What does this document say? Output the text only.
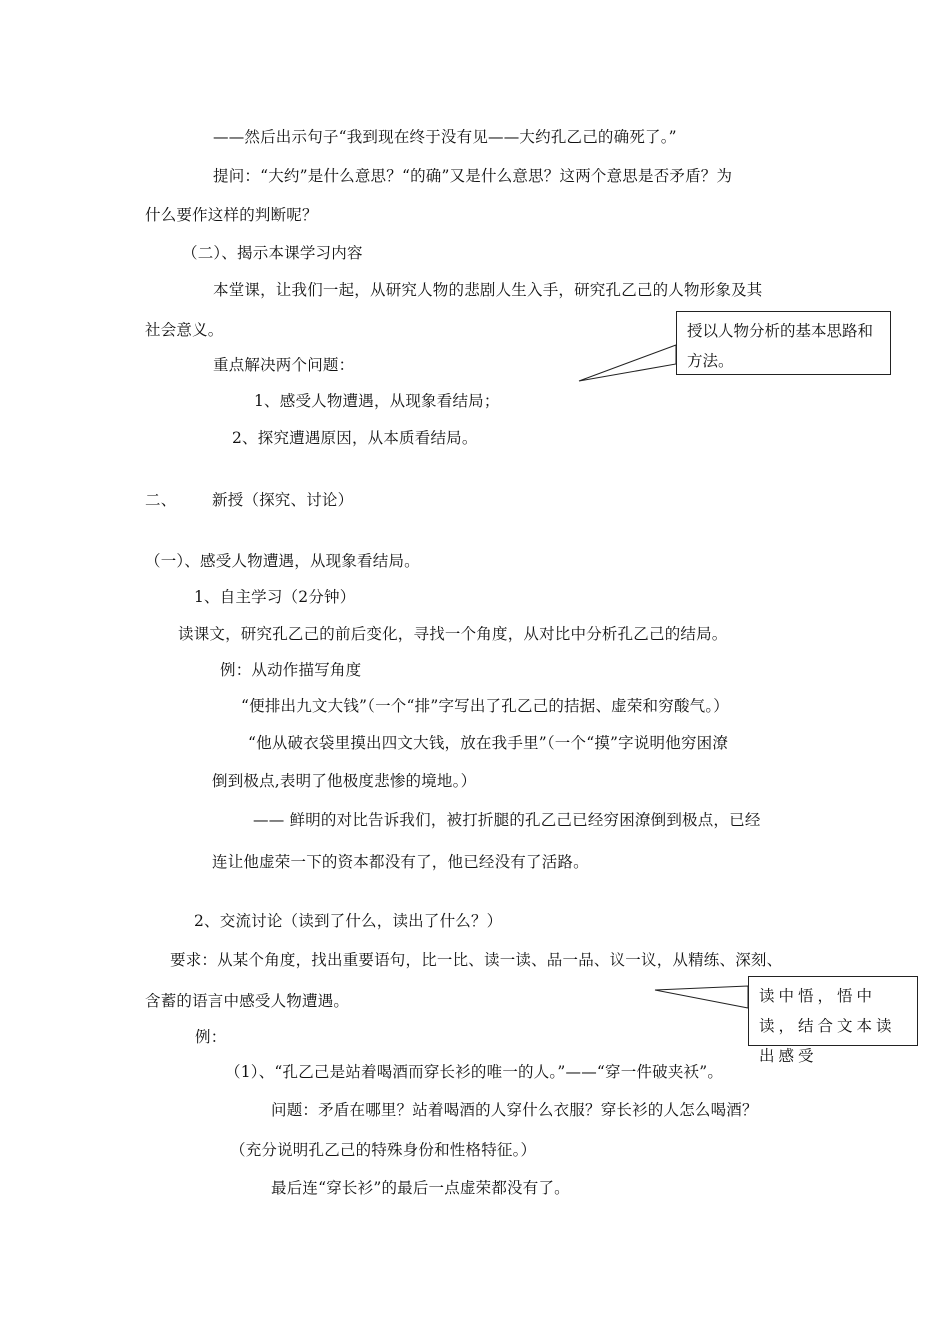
——然后出示句子“我到现在终于没有见——大约孔乙己的确死了。”
提问：“大约”是什么意思？“的确”又是什么意思？这两个意思是否矛盾？为
什么要作这样的判断呢？
（二）、揭示本课学习内容
本堂课，让我们一起，从研究人物的悲剧人生入手，研究孔乙己的人物形象及其
社会意义。
重点解决两个问题：
1、感受人物遭遇，从现象看结局；
2、探究遭遇原因，从本质看结局。
二、 新授（探究、讨论）
（一）、感受人物遭遇，从现象看结局。
1、自主学习（2分钟）
读课文，研究孔乙己的前后变化，寻找一个角度，从对比中分析孔乙己的结局。
例：从动作描写角度
“便排出九文大钱”（一个“排”字写出了孔乙己的拮据、虚荣和穷酸气。）
“他从破衣袋里摸出四文大钱，放在我手里”（一个“摸”字说明他穷困潦
倒到极点,表明了他极度悲惨的境地。）
—— 鲜明的对比告诉我们，被打折腿的孔乙己已经穷困潦倒到极点，已经
连让他虚荣一下的资本都没有了，他已经没有了活路。
2、交流讨论（读到了什么，读出了什么？）
要求：从某个角度，找出重要语句，比一比、读一读、品一品、议一议，从精练、深刻、
含蓄的语言中感受人物遭遇。
例：
（1）、“孔乙己是站着喝酒而穿长衫的唯一的人。”——“穿一件破夹袄”。
问题：矛盾在哪里？站着喝酒的人穿什么衣服？穿长衫的人怎么喝酒？
（充分说明孔乙己的特殊身份和性格特征。）
最后连“穿长衫”的最后一点虚荣都没有了。
授以人物分析的基本思路和方法。
读中悟，悟中读，结合文本读出感受
